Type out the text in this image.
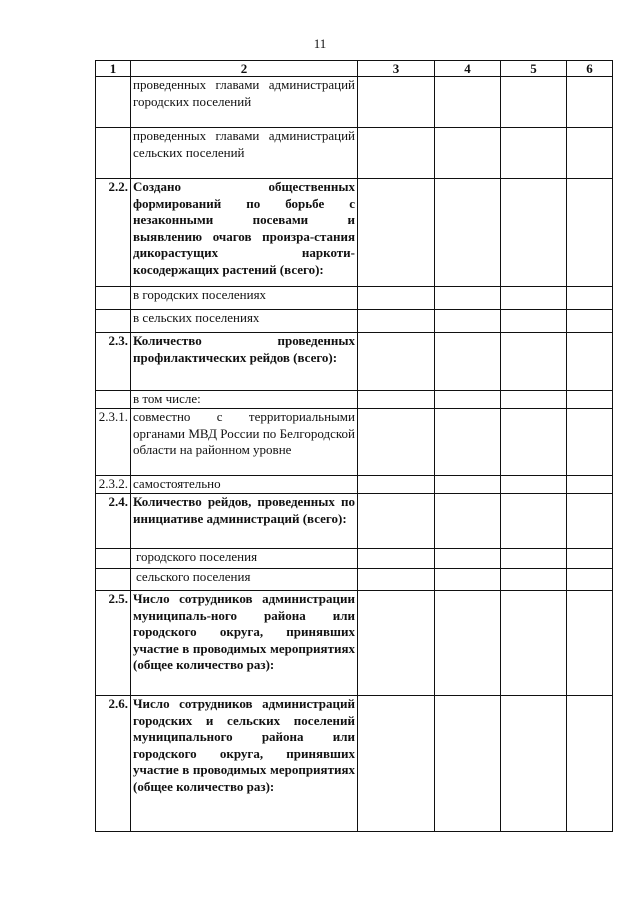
11
1	2	3	4	5	6
	проведенных главами администраций городских поселений				
	проведенных главами администраций сельских поселений				
2.2.	Создано общественных формирований по борьбе с незаконными посевами и выявлению очагов произра-стания дикорастущих наркоти-косодержащих растений (всего):				
	в городских поселениях				
	в сельских поселениях				
2.3.	Количество проведенных профилактических рейдов (всего):				
	в том числе:				
2.3.1.	совместно с территориальными органами МВД России по Белгородской области на районном уровне				
2.3.2.	самостоятельно				
2.4.	Количество рейдов, проведенных по инициативе администраций (всего):				
	городского поселения				
	сельского поселения				
2.5.	Число сотрудников администрации муниципаль-ного района или городского округа, принявших участие в проводимых мероприятиях (общее количество раз):				
2.6.	Число сотрудников администраций городских и сельских поселений муниципального района или городского округа, принявших участие в проводимых мероприятиях (общее количество раз):				
